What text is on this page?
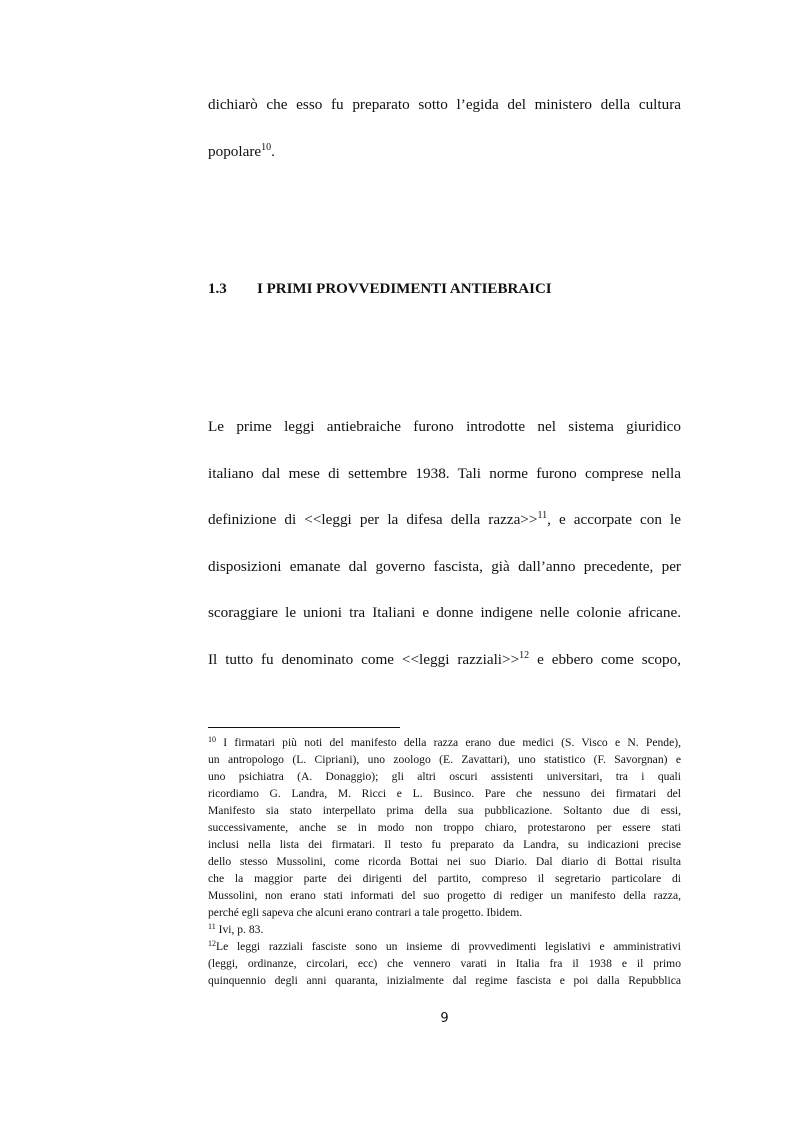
dichiarò che esso fu preparato sotto l’egida del ministero della cultura
popolare$^{10}$.
1.3 I PRIMI PROVVEDIMENTI ANTIEBRAICI
Le prime leggi antiebraiche furono introdotte nel sistema giuridico
italiano dal mese di settembre 1938. Tali norme furono comprese nella
definizione di <<leggi per la difesa della razza>>$^{11}$, e accorpate con le
disposizioni emanate dal governo fascista, già dall’anno precedente, per
scoraggiare le unioni tra Italiani e donne indigene nelle colonie africane.
Il tutto fu denominato come <<leggi razziali>>$^{12}$ e ebbero come scopo,
$^{10}$ I firmatari più noti del manifesto della razza erano due medici (S. Visco e N. Pende),
un antropologo (L. Cipriani), uno zoologo (E. Zavattari), uno statistico (F. Savorgnan) e
uno psichiatra (A. Donaggio); gli altri oscuri assistenti universitari, tra i quali
ricordiamo G. Landra, M. Ricci e L. Businco. Pare che nessuno dei firmatari del
Manifesto sia stato interpellato prima della sua pubblicazione. Soltanto due di essi,
successivamente, anche se in modo non troppo chiaro, protestarono per essere stati
inclusi nella lista dei firmatari. Il testo fu preparato da Landra, su indicazioni precise
dello stesso Mussolini, come ricorda Bottai nei suo Diario. Dal diario di Bottai risulta
che la maggior parte dei dirigenti del partito, compreso il segretario particolare di
Mussolini, non erano stati informati del suo progetto di rediger un manifesto della razza,
perché egli sapeva che alcuni erano contrari a tale progetto. Ibidem.
$^{11}$ Ivi, p. 83.
$^{12}$Le leggi razziali fasciste sono un insieme di provvedimenti legislativi e amministrativi
(leggi, ordinanze, circolari, ecc) che vennero varati in Italia fra il 1938 e il primo
quinquennio degli anni quaranta, inizialmente dal regime fascista e poi dalla Repubblica
9
